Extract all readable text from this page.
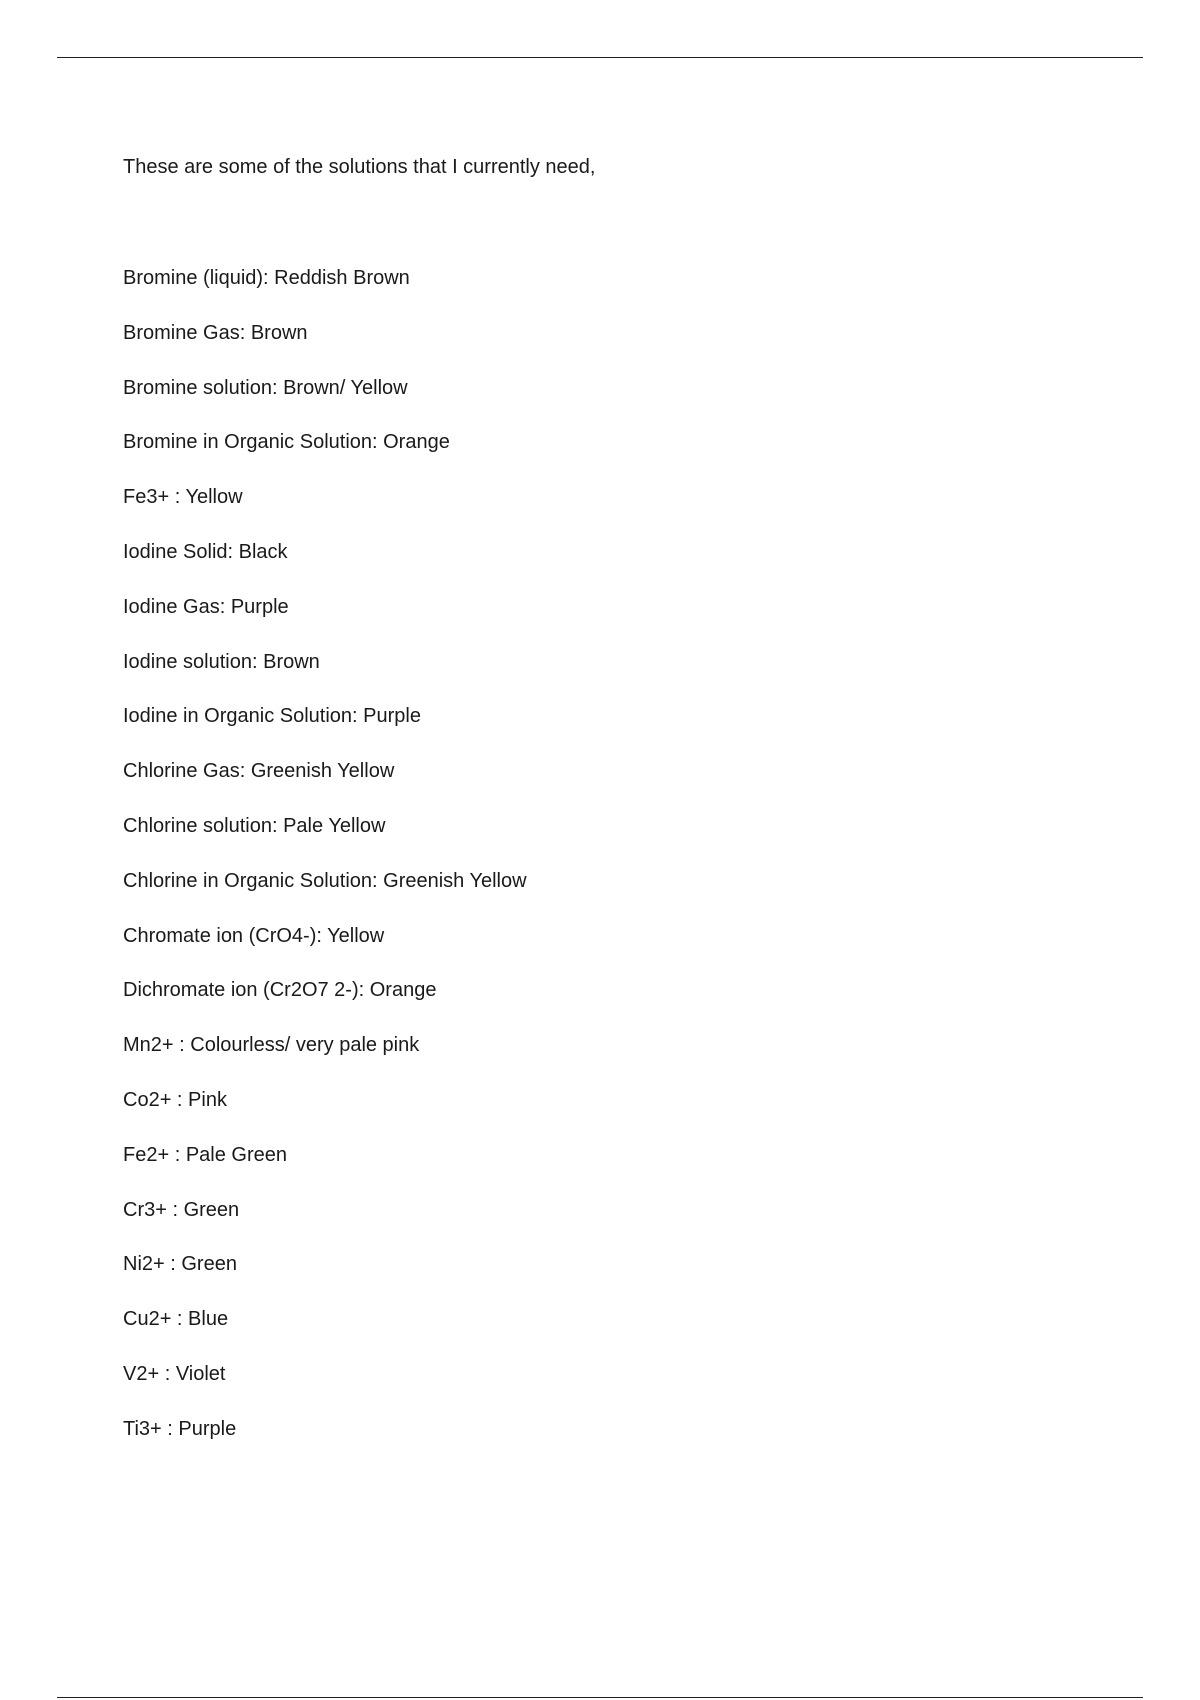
These are some of the solutions that I currently need,
Bromine (liquid): Reddish Brown
Bromine Gas: Brown
Bromine solution: Brown/ Yellow
Bromine in Organic Solution: Orange
Fe3+ : Yellow
Iodine Solid: Black
Iodine Gas: Purple
Iodine solution: Brown
Iodine in Organic Solution: Purple
Chlorine Gas: Greenish Yellow
Chlorine solution: Pale Yellow
Chlorine in Organic Solution: Greenish Yellow
Chromate ion (CrO4-): Yellow
Dichromate ion (Cr2O7 2-): Orange
Mn2+ : Colourless/ very pale pink
Co2+ : Pink
Fe2+ : Pale Green
Cr3+ : Green
Ni2+ : Green
Cu2+ : Blue
V2+ : Violet
Ti3+ : Purple
